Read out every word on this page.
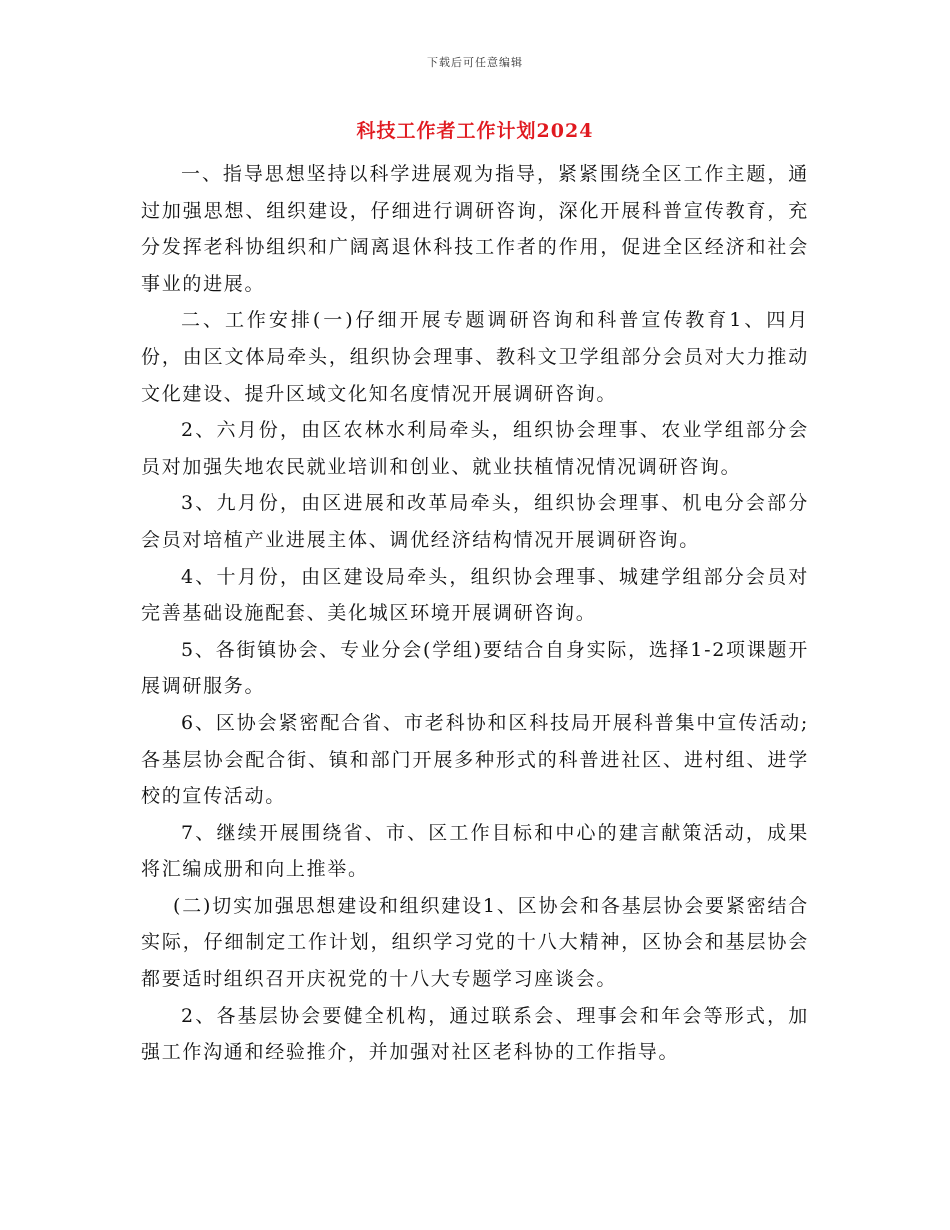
下载后可任意编辑
科技工作者工作计划2024

一、指导思想坚持以科学进展观为指导，紧紧围绕全区工作主题，通过加强思想、组织建设，仔细进行调研咨询，深化开展科普宣传教育，充分发挥老科协组织和广阔离退休科技工作者的作用，促进全区经济和社会事业的进展。

二、工作安排(一)仔细开展专题调研咨询和科普宣传教育1、四月份，由区文体局牵头，组织协会理事、教科文卫学组部分会员对大力推动文化建设、提升区域文化知名度情况开展调研咨询。

2、六月份，由区农林水利局牵头，组织协会理事、农业学组部分会员对加强失地农民就业培训和创业、就业扶植情况情况调研咨询。

3、九月份，由区进展和改革局牵头，组织协会理事、机电分会部分会员对培植产业进展主体、调优经济结构情况开展调研咨询。

4、十月份，由区建设局牵头，组织协会理事、城建学组部分会员对完善基础设施配套、美化城区环境开展调研咨询。

5、各街镇协会、专业分会(学组)要结合自身实际，选择1-2项课题开展调研服务。

6、区协会紧密配合省、市老科协和区科技局开展科普集中宣传活动;各基层协会配合街、镇和部门开展多种形式的科普进社区、进村组、进学校的宣传活动。

7、继续开展围绕省、市、区工作目标和中心的建言献策活动，成果将汇编成册和向上推举。

(二)切实加强思想建设和组织建设1、区协会和各基层协会要紧密结合实际，仔细制定工作计划，组织学习党的十八大精神，区协会和基层协会都要适时组织召开庆祝党的十八大专题学习座谈会。

2、各基层协会要健全机构，通过联系会、理事会和年会等形式，加强工作沟通和经验推介，并加强对社区老科协的工作指导。
